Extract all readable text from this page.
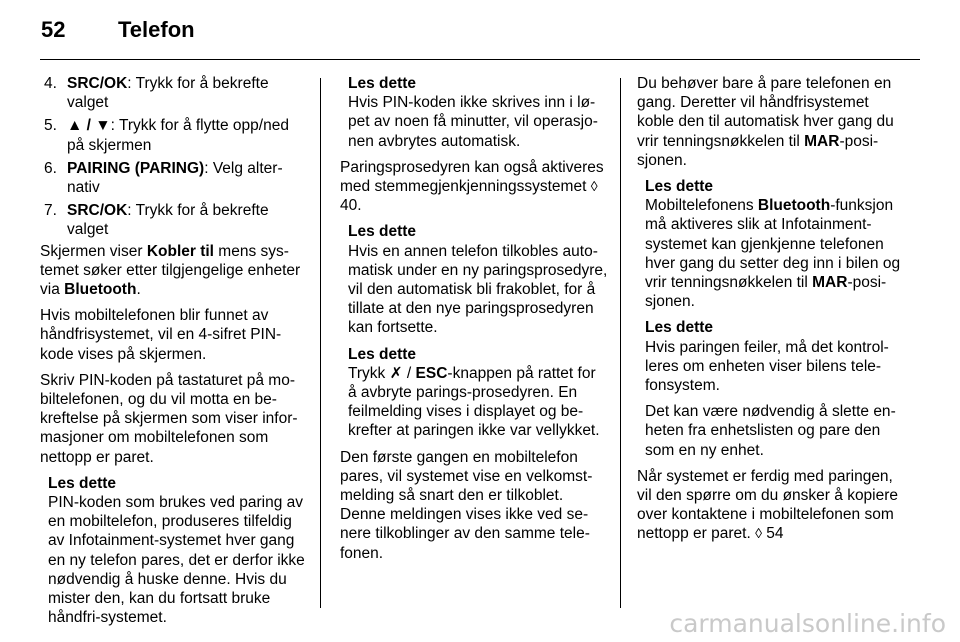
52 Telefon
4. SRC/OK: Trykk for å bekrefte valget
5. ▲ / ▼: Trykk for å flytte opp/ned på skjermen
6. PAIRING (PARING): Velg alternativ
7. SRC/OK: Trykk for å bekrefte valget

Skjermen viser Kobler til mens systemet søker etter tilgjengelige enheter via Bluetooth.

Hvis mobiltelefonen blir funnet av håndfrisystemet, vil en 4-sifret PIN-kode vises på skjermen.

Skriv PIN-koden på tastaturet på mobiltelefonen, og du vil motta en bekreftelse på skjermen som viser informasjoner om mobiltelefonen som nettopp er paret.

Les dette
PIN-koden som brukes ved paring av en mobiltelefon, produseres tilfeldig av Infotainment-systemet hver gang en ny telefon pares, det er derfor ikke nødvendig å huske denne. Hvis du mister den, kan du fortsatt bruke håndfri-systemet.
Les dette
Hvis PIN-koden ikke skrives inn i løpet av noen få minutter, vil operasjonen avbrytes automatisk.

Paringsprosedyren kan også aktiveres med stemmegjenkjenningssystemet ◊ 40.

Les dette
Hvis en annen telefon tilkobles automatisk under en ny paringsprosedyre, vil den automatisk bli frakoblet, for å tillate at den nye paringsprosedyren kan fortsette.
Les dette
Trykk ✗ / ESC-knappen på rattet for å avbryte parings-prosedyren. En feilmelding vises i displayet og bekrefter at paringen ikke var vellykket.

Den første gangen en mobiltelefon pares, vil systemet vise en velkomstmelding så snart den er tilkoblet. Denne meldingen vises ikke ved senere tilkoblinger av den samme telefonen.

Du behøver bare å pare telefonen en gang. Deretter vil håndfrisystemet koble den til automatisk hver gang du vrir tenningsnøkkelen til MAR-posisjonen.

Les dette
Mobiltelefonens Bluetooth-funksjon må aktiveres slik at Infotainment-systemet kan gjenkjenne telefonen hver gang du setter deg inn i bilen og vrir tenningsnøkkelen til MAR-posisjonen.
Les dette

Hvis paringen feiler, må det kontrolleres om enheten viser bilens telefonsystem.

Det kan være nødvendig å slette enheten fra enhetslisten og pare den som en ny enhet.

Når systemet er ferdig med paringen, vil den spørre om du ønsker å kopiere over kontaktene i mobiltelefonen som nettopp er paret. ◊ 54

carmanualsonline.info
